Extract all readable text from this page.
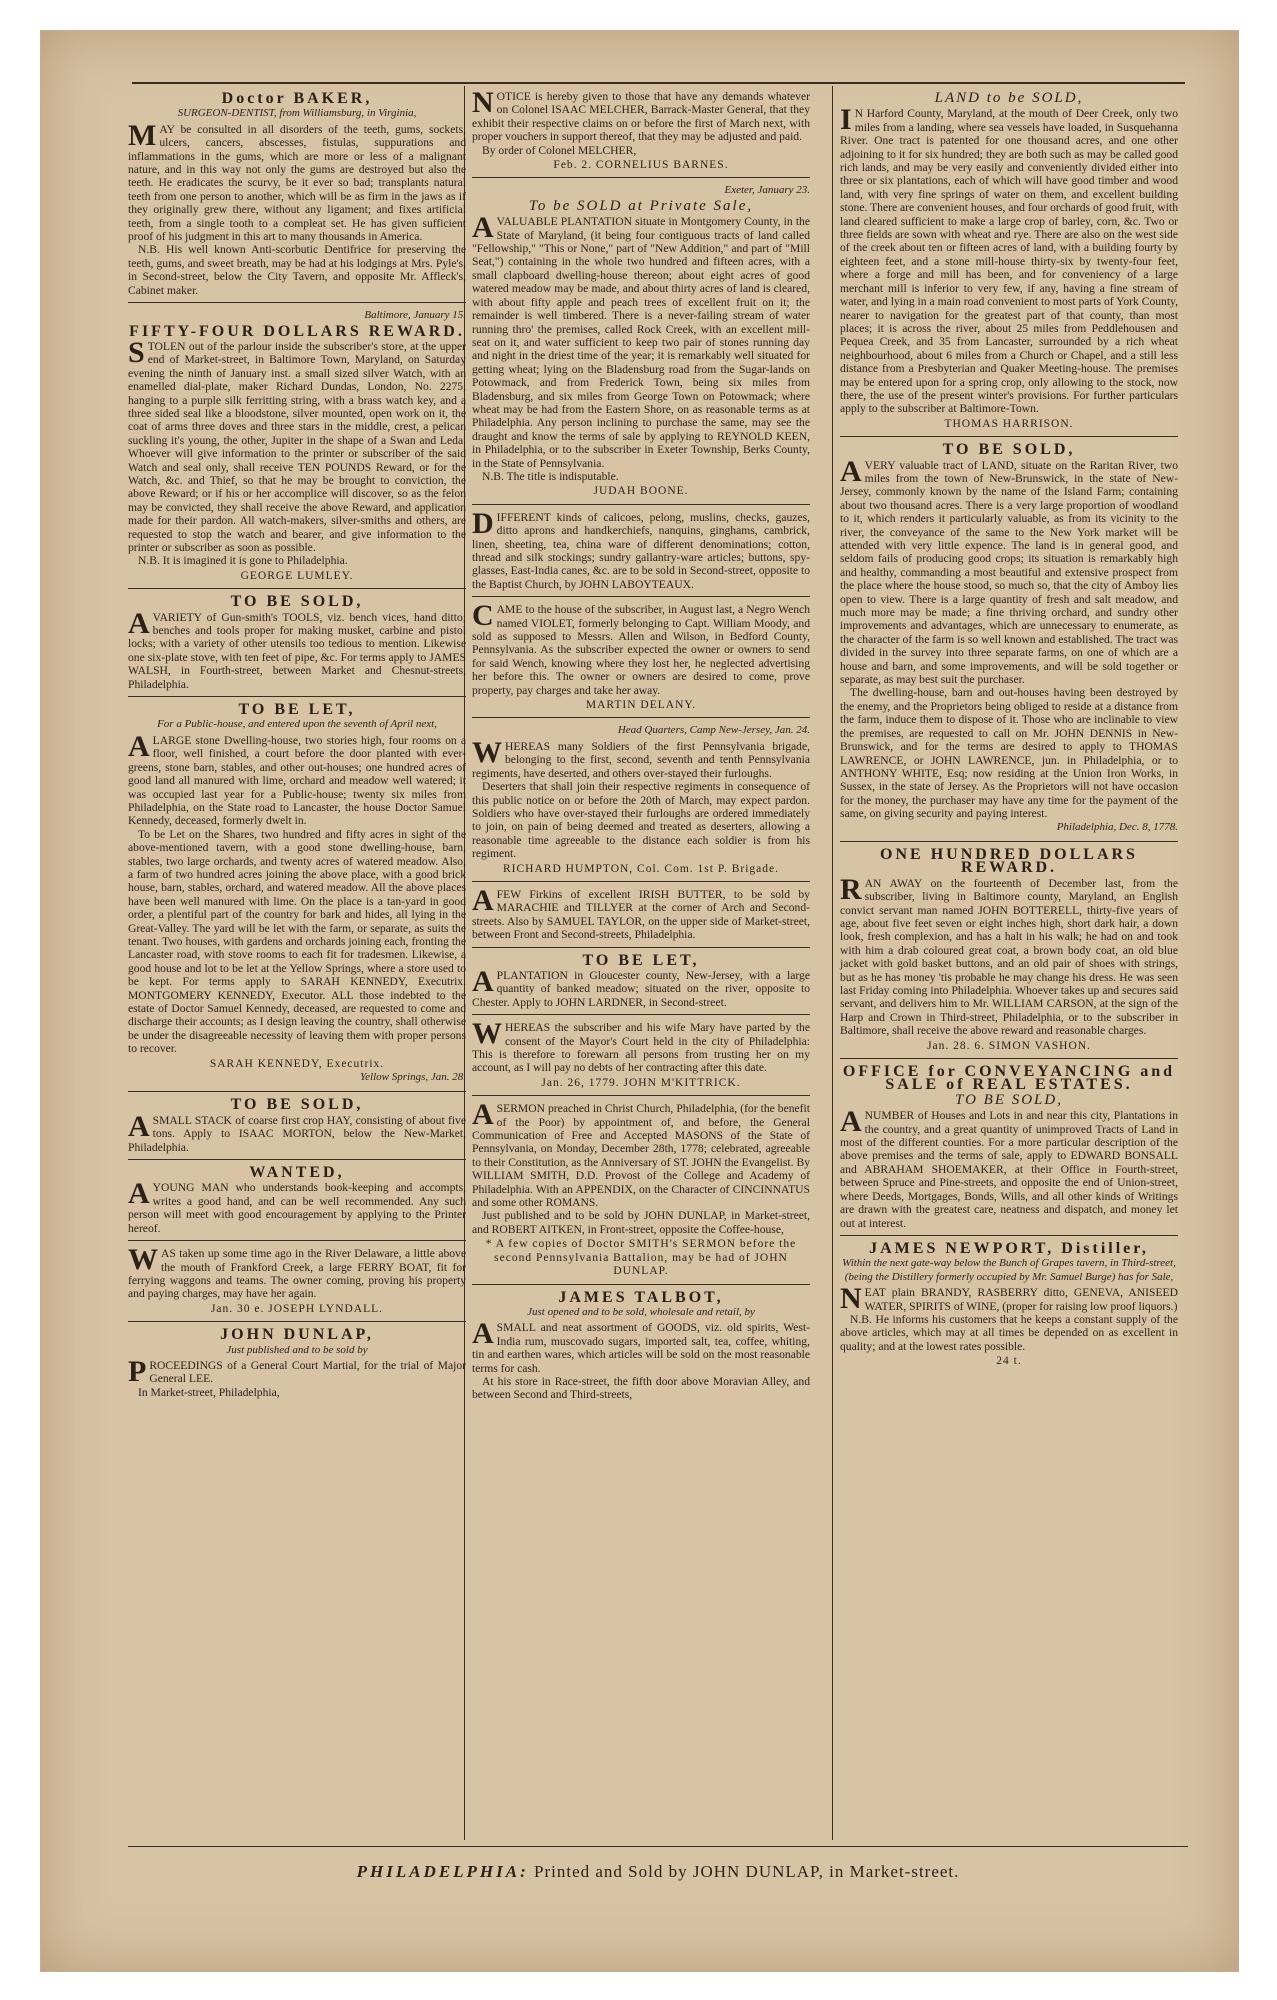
Doctor BAKER,

SURGEON-DENTIST, from Williamsburg, in Virginia,

MAY be consulted in all disorders of the teeth, gums, sockets, ulcers, cancers, abscesses, fistulas, suppurations and inflammations in the gums, which are more or less of a malignant nature, and in this way not only the gums are destroyed but also the teeth. He eradicates the scurvy, be it ever so bad; transplants natural teeth from one person to another, which will be as firm in the jaws as if they originally grew there, without any ligament; and fixes artificial teeth, from a single tooth to a compleat set. He has given sufficient proof of his judgment in this art to many thousands in America.

N.B. His well known Anti-scorbutic Dentifrice for preserving the teeth, gums, and sweet breath, may be had at his lodgings at Mrs. Pyle's, in Second-street, below the City Tavern, and opposite Mr. Affleck's, Cabinet maker.

Baltimore, January 15.

FIFTY-FOUR DOLLARS REWARD.

STOLEN out of the parlour inside the subscriber's store, at the upper end of Market-street, in Baltimore Town, Maryland, on Saturday evening the ninth of January inst. a small sized silver Watch, with an enamelled dial-plate, maker Richard Dundas, London, No. 2275, hanging to a purple silk ferritting string, with a brass watch key, and a three sided seal like a bloodstone, silver mounted, open work on it, the coat of arms three doves and three stars in the middle, crest, a pelican suckling it's young, the other, Jupiter in the shape of a Swan and Leda. Whoever will give information to the printer or subscriber of the said Watch and seal only, shall receive TEN POUNDS Reward, or for the Watch, &c. and Thief, so that he may be brought to conviction, the above Reward; or if his or her accomplice will discover, so as the felon may be convicted, they shall receive the above Reward, and application made for their pardon. All watch-makers, silver-smiths and others, are requested to stop the watch and bearer, and give information to the printer or subscriber as soon as possible.

N.B. It is imagined it is gone to Philadelphia.

GEORGE LUMLEY.

TO BE SOLD,

AVARIETY of Gun-smith's TOOLS, viz. bench vices, hand ditto; benches and tools proper for making musket, carbine and pistol locks; with a variety of other utensils too tedious to mention. Likewise one six-plate stove, with ten feet of pipe, &c. For terms apply to JAMES WALSH, in Fourth-street, between Market and Chesnut-streets, Philadelphia.

TO BE LET,

For a Public-house, and entered upon the seventh of April next,

ALARGE stone Dwelling-house, two stories high, four rooms on a floor, well finished, a court before the door planted with ever-greens, stone barn, stables, and other out-houses; one hundred acres of good land all manured with lime, orchard and meadow well watered; it was occupied last year for a Public-house; twenty six miles from Philadelphia, on the State road to Lancaster, the house Doctor Samuel Kennedy, deceased, formerly dwelt in.

To be Let on the Shares, two hundred and fifty acres in sight of the above-mentioned tavern, with a good stone dwelling-house, barn, stables, two large orchards, and twenty acres of watered meadow. Also, a farm of two hundred acres joining the above place, with a good brick house, barn, stables, orchard, and watered meadow. All the above places have been well manured with lime. On the place is a tan-yard in good order, a plentiful part of the country for bark and hides, all lying in the Great-Valley. The yard will be let with the farm, or separate, as suits the tenant. Two houses, with gardens and orchards joining each, fronting the Lancaster road, with stove rooms to each fit for tradesmen. Likewise, a good house and lot to be let at the Yellow Springs, where a store used to be kept. For terms apply to SARAH KENNEDY, Executrix. MONTGOMERY KENNEDY, Executor. ALL those indebted to the estate of Doctor Samuel Kennedy, deceased, are requested to come and discharge their accounts; as I design leaving the country, shall otherwise be under the disagreeable necessity of leaving them with proper persons to recover.

SARAH KENNEDY, Executrix.

Yellow Springs, Jan. 28.

TO BE SOLD,

ASMALL STACK of coarse first crop HAY, consisting of about five tons. Apply to ISAAC MORTON, below the New-Market, Philadelphia.

WANTED,

AYOUNG MAN who understands book-keeping and accompts, writes a good hand, and can be well recommended. Any such person will meet with good encouragement by applying to the Printer hereof.

WAS taken up some time ago in the River Delaware, a little above the mouth of Frankford Creek, a large FERRY BOAT, fit for ferrying waggons and teams. The owner coming, proving his property and paying charges, may have her again.

Jan. 30 e. JOSEPH LYNDALL.

JOHN DUNLAP,

Just published and to be sold by

PROCEEDINGS of a General Court Martial, for the trial of Major General LEE.

In Market-street, Philadelphia,

NOTICE is hereby given to those that have any demands whatever on Colonel ISAAC MELCHER, Barrack-Master General, that they exhibit their respective claims on or before the first of March next, with proper vouchers in support thereof, that they may be adjusted and paid.

By order of Colonel MELCHER,

Feb. 2. CORNELIUS BARNES.

Exeter, January 23.

To be SOLD at Private Sale,

AVALUABLE PLANTATION situate in Montgomery County, in the State of Maryland, (it being four contiguous tracts of land called "Fellowship," "This or None," part of "New Addition," and part of "Mill Seat,") containing in the whole two hundred and fifteen acres, with a small clapboard dwelling-house thereon; about eight acres of good watered meadow may be made, and about thirty acres of land is cleared, with about fifty apple and peach trees of excellent fruit on it; the remainder is well timbered. There is a never-failing stream of water running thro' the premises, called Rock Creek, with an excellent mill-seat on it, and water sufficient to keep two pair of stones running day and night in the driest time of the year; it is remarkably well situated for getting wheat; lying on the Bladensburg road from the Sugar-lands on Potowmack, and from Frederick Town, being six miles from Bladensburg, and six miles from George Town on Potowmack; where wheat may be had from the Eastern Shore, on as reasonable terms as at Philadelphia. Any person inclining to purchase the same, may see the draught and know the terms of sale by applying to REYNOLD KEEN, in Philadelphia, or to the subscriber in Exeter Township, Berks County, in the State of Pennsylvania.

N.B. The title is indisputable.

JUDAH BOONE.

DIFFERENT kinds of calicoes, pelong, muslins, checks, gauzes, ditto aprons and handkerchiefs, nanquins, ginghams, cambrick, linen, sheeting, tea, china ware of different denominations; cotton, thread and silk stockings; sundry gallantry-ware articles; buttons, spy-glasses, East-India canes, &c. are to be sold in Second-street, opposite to the Baptist Church, by JOHN LABOYTEAUX.

CAME to the house of the subscriber, in August last, a Negro Wench named VIOLET, formerly belonging to Capt. William Moody, and sold as supposed to Messrs. Allen and Wilson, in Bedford County, Pennsylvania. As the subscriber expected the owner or owners to send for said Wench, knowing where they lost her, he neglected advertising her before this. The owner or owners are desired to come, prove property, pay charges and take her away.

MARTIN DELANY.

Head Quarters, Camp New-Jersey, Jan. 24.

WHEREAS many Soldiers of the first Pennsylvania brigade, belonging to the first, second, seventh and tenth Pennsylvania regiments, have deserted, and others over-stayed their furloughs.

Deserters that shall join their respective regiments in consequence of this public notice on or before the 20th of March, may expect pardon. Soldiers who have over-stayed their furloughs are ordered immediately to join, on pain of being deemed and treated as deserters, allowing a reasonable time agreeable to the distance each soldier is from his regiment.

RICHARD HUMPTON, Col. Com. 1st P. Brigade.

AFEW Firkins of excellent IRISH BUTTER, to be sold by MARACHIE and TILLYER at the corner of Arch and Second-streets. Also by SAMUEL TAYLOR, on the upper side of Market-street, between Front and Second-streets, Philadelphia.

TO BE LET,

APLANTATION in Gloucester county, New-Jersey, with a large quantity of banked meadow; situated on the river, opposite to Chester. Apply to JOHN LARDNER, in Second-street.

WHEREAS the subscriber and his wife Mary have parted by the consent of the Mayor's Court held in the city of Philadelphia: This is therefore to forewarn all persons from trusting her on my account, as I will pay no debts of her contracting after this date.

Jan. 26, 1779. JOHN M'KITTRICK.

ASERMON preached in Christ Church, Philadelphia, (for the benefit of the Poor) by appointment of, and before, the General Communication of Free and Accepted MASONS of the State of Pennsylvania, on Monday, December 28th, 1778; celebrated, agreeable to their Constitution, as the Anniversary of ST. JOHN the Evangelist. By WILLIAM SMITH, D.D. Provost of the College and Academy of Philadelphia. With an APPENDIX, on the Character of CINCINNATUS and some other ROMANS.

Just published and to be sold by JOHN DUNLAP, in Market-street, and ROBERT AITKEN, in Front-street, opposite the Coffee-house,

* A few copies of Doctor SMITH's SERMON before the second Pennsylvania Battalion, may be had of JOHN DUNLAP.

JAMES TALBOT,

Just opened and to be sold, wholesale and retail, by

ASMALL and neat assortment of GOODS, viz. old spirits, West-India rum, muscovado sugars, imported salt, tea, coffee, whiting, tin and earthen wares, which articles will be sold on the most reasonable terms for cash.

At his store in Race-street, the fifth door above Moravian Alley, and between Second and Third-streets,

LAND to be SOLD,

IN Harford County, Maryland, at the mouth of Deer Creek, only two miles from a landing, where sea vessels have loaded, in Susquehanna River. One tract is patented for one thousand acres, and one other adjoining to it for six hundred; they are both such as may be called good rich lands, and may be very easily and conveniently divided either into three or six plantations, each of which will have good timber and wood land, with very fine springs of water on them, and excellent building stone. There are convenient houses, and four orchards of good fruit, with land cleared sufficient to make a large crop of barley, corn, &c. Two or three fields are sown with wheat and rye. There are also on the west side of the creek about ten or fifteen acres of land, with a building fourty by eighteen feet, and a stone mill-house thirty-six by twenty-four feet, where a forge and mill has been, and for conveniency of a large merchant mill is inferior to very few, if any, having a fine stream of water, and lying in a main road convenient to most parts of York County, nearer to navigation for the greatest part of that county, than most places; it is across the river, about 25 miles from Peddlehousen and Pequea Creek, and 35 from Lancaster, surrounded by a rich wheat neighbourhood, about 6 miles from a Church or Chapel, and a still less distance from a Presbyterian and Quaker Meeting-house. The premises may be entered upon for a spring crop, only allowing to the stock, now there, the use of the present winter's provisions. For further particulars apply to the subscriber at Baltimore-Town.

THOMAS HARRISON.

TO BE SOLD,

AVERY valuable tract of LAND, situate on the Raritan River, two miles from the town of New-Brunswick, in the state of New-Jersey, commonly known by the name of the Island Farm; containing about two thousand acres. There is a very large proportion of woodland to it, which renders it particularly valuable, as from its vicinity to the river, the conveyance of the same to the New York market will be attended with very little expence. The land is in general good, and seldom fails of producing good crops; its situation is remarkably high and healthy, commanding a most beautiful and extensive prospect from the place where the house stood, so much so, that the city of Amboy lies open to view. There is a large quantity of fresh and salt meadow, and much more may be made; a fine thriving orchard, and sundry other improvements and advantages, which are unnecessary to enumerate, as the character of the farm is so well known and established. The tract was divided in the survey into three separate farms, on one of which are a house and barn, and some improvements, and will be sold together or separate, as may best suit the purchaser.

The dwelling-house, barn and out-houses having been destroyed by the enemy, and the Proprietors being obliged to reside at a distance from the farm, induce them to dispose of it. Those who are inclinable to view the premises, are requested to call on Mr. JOHN DENNIS in New-Brunswick, and for the terms are desired to apply to THOMAS LAWRENCE, or JOHN LAWRENCE, jun. in Philadelphia, or to ANTHONY WHITE, Esq; now residing at the Union Iron Works, in Sussex, in the state of Jersey. As the Proprietors will not have occasion for the money, the purchaser may have any time for the payment of the same, on giving security and paying interest.

Philadelphia, Dec. 8, 1778.

ONE HUNDRED DOLLARS REWARD.

RAN AWAY on the fourteenth of December last, from the subscriber, living in Baltimore county, Maryland, an English convict servant man named JOHN BOTTERELL, thirty-five years of age, about five feet seven or eight inches high, short dark hair, a down look, fresh complexion, and has a halt in his walk; he had on and took with him a drab coloured great coat, a brown body coat, an old blue jacket with gold basket buttons, and an old pair of shoes with strings, but as he has money 'tis probable he may change his dress. He was seen last Friday coming into Philadelphia. Whoever takes up and secures said servant, and delivers him to Mr. WILLIAM CARSON, at the sign of the Harp and Crown in Third-street, Philadelphia, or to the subscriber in Baltimore, shall receive the above reward and reasonable charges.

Jan. 28. 6. SIMON VASHON.

OFFICE for CONVEYANCING and SALE of REAL ESTATES.

TO BE SOLD,

ANUMBER of Houses and Lots in and near this city, Plantations in the country, and a great quantity of unimproved Tracts of Land in most of the different counties. For a more particular description of the above premises and the terms of sale, apply to EDWARD BONSALL and ABRAHAM SHOEMAKER, at their Office in Fourth-street, between Spruce and Pine-streets, and opposite the end of Union-street, where Deeds, Mortgages, Bonds, Wills, and all other kinds of Writings are drawn with the greatest care, neatness and dispatch, and money let out at interest.

JAMES NEWPORT, Distiller,

Within the next gate-way below the Bunch of Grapes tavern, in Third-street, (being the Distillery formerly occupied by Mr. Samuel Burge) has for Sale,

NEAT plain BRANDY, RASBERRY ditto, GENEVA, ANISEED WATER, SPIRITS of WINE, (proper for raising low proof liquors.)

N.B. He informs his customers that he keeps a constant supply of the above articles, which may at all times be depended on as excellent in quality; and at the lowest rates possible.

24 t.

PHILADELPHIA: Printed and Sold by JOHN DUNLAP, in Market-street.
